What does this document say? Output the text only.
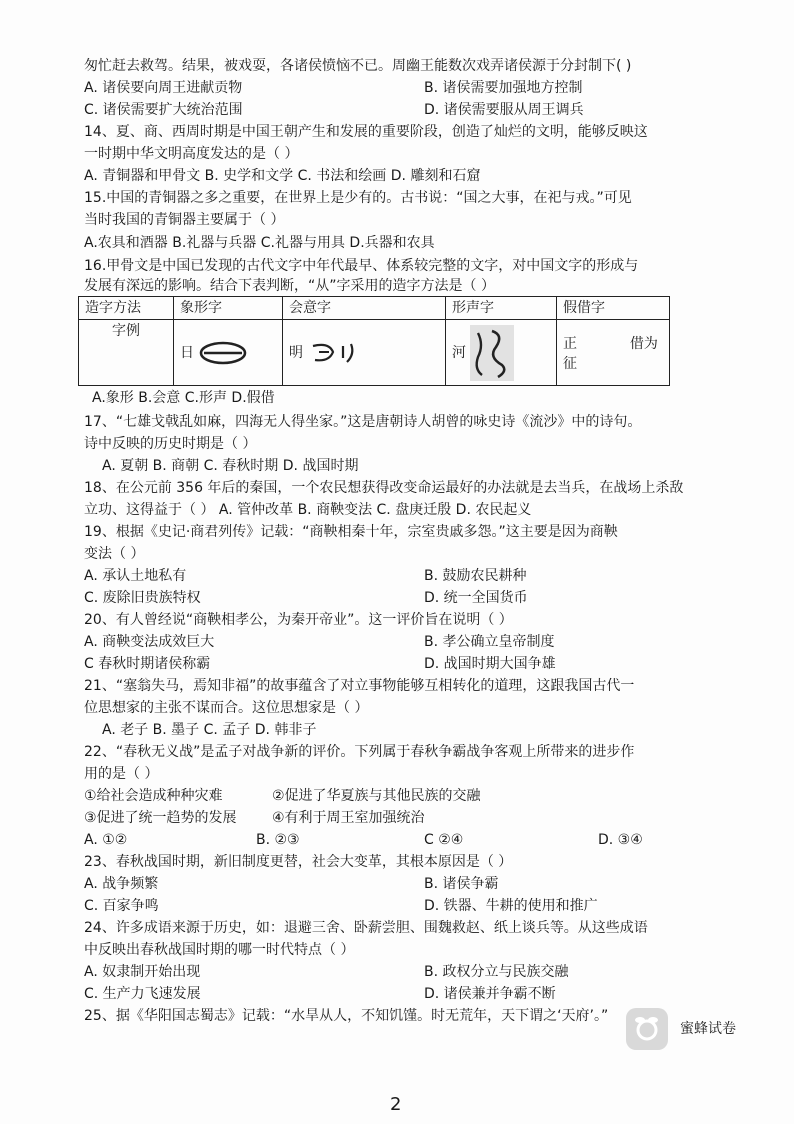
匆忙赶去救驾。结果，被戏耍，各诸侯愤恼不已。周幽王能数次戏弄诸侯源于分封制下( )
A. 诸侯要向周王进献贡物	B. 诸侯需要加强地方控制
C. 诸侯需要扩大统治范围	D. 诸侯需要服从周王调兵
14、夏、商、西周时期是中国王朝产生和发展的重要阶段，创造了灿烂的文明，能够反映这
一时期中华文明高度发达的是（ ）
A. 青铜器和甲骨文 B. 史学和文学 C. 书法和绘画 D. 雕刻和石窟
15.中国的青铜器之多之重要，在世界上是少有的。古书说：“国之大事，在祀与戎。”可见
当时我国的青铜器主要属于（ ）
A.农具和酒器 B.礼器与兵器 C.礼器与用具 D.兵器和农具
16.甲骨文是中国已发现的古代文字中年代最早、体系较完整的文字，对中国文字的形成与
发展有深远的影响。结合下表判断，“从”字采用的造字方法是（ ）
造字方法	象形字	会意字	形声字	假借字
字例	日	明	河	正 借为征
A.象形 B.会意 C.形声 D.假借
17、“七雄戈戟乱如麻，四海无人得坐家。”这是唐朝诗人胡曾的咏史诗《流沙》中的诗句。
诗中反映的历史时期是（ ）
A. 夏朝 B. 商朝 C. 春秋时期 D. 战国时期
18、在公元前 356 年后的秦国，一个农民想获得改变命运最好的办法就是去当兵，在战场上杀敌
立功、这得益于（ ） A. 管仲改革 B. 商鞅变法 C. 盘庚迁殷 D. 农民起义
19、根据《史记·商君列传》记载：“商鞅相秦十年，宗室贵戚多怨。”这主要是因为商鞅
变法（ ）
A. 承认土地私有	B. 鼓励农民耕种
C. 废除旧贵族特权	D. 统一全国货币
20、有人曾经说“商鞅相孝公，为秦开帝业”。这一评价旨在说明（ ）
A. 商鞅变法成效巨大	B. 孝公确立皇帝制度
C 春秋时期诸侯称霸	D. 战国时期大国争雄
21、“塞翁失马，焉知非福”的故事蕴含了对立事物能够互相转化的道理，这跟我国古代一
位思想家的主张不谋而合。这位思想家是（ ）
A. 老子 B. 墨子 C. 孟子 D. 韩非子
22、“春秋无义战”是孟子对战争新的评价。下列属于春秋争霸战争客观上所带来的进步作
用的是（ ）
①给社会造成种种灾难	②促进了华夏族与其他民族的交融
③促进了统一趋势的发展	④有利于周王室加强统治
A. ①②	B. ②③	C ②④	D. ③④
23、春秋战国时期，新旧制度更替，社会大变革，其根本原因是（ ）
A. 战争频繁	B. 诸侯争霸
C. 百家争鸣	D. 铁器、牛耕的使用和推广
24、许多成语来源于历史，如：退避三舍、卧薪尝胆、围魏救赵、纸上谈兵等。从这些成语
中反映出春秋战国时期的哪一时代特点（ ）
A. 奴隶制开始出现	B. 政权分立与民族交融
C. 生产力飞速发展	D. 诸侯兼并争霸不断
25、据《华阳国志蜀志》记载：“水旱从人，不知饥馑。时无荒年，天下谓之‘天府’。”
蜜蜂试卷
2
